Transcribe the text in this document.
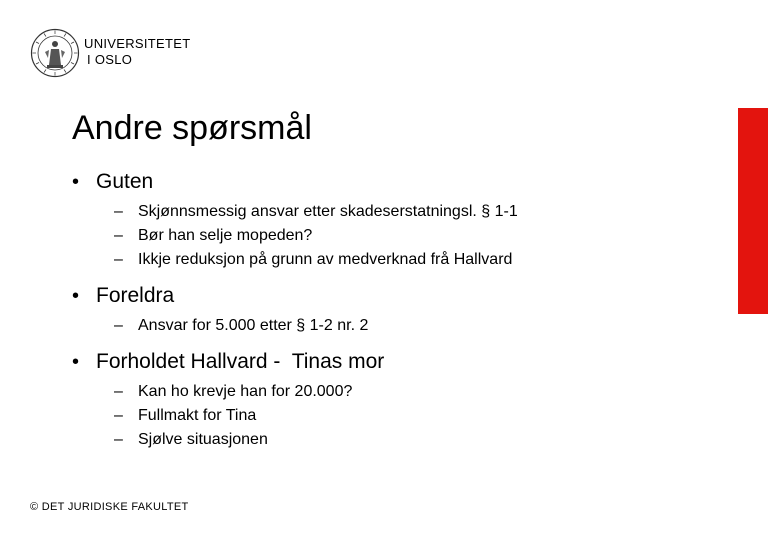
UNIVERSITETET
I OSLO
Andre spørsmål
• Guten
– Skjønnsmessig ansvar etter skadeserstatningsl. § 1-1
– Bør han selje mopeden?
– Ikkje reduksjon på grunn av medverknad frå Hallvard
• Foreldra
– Ansvar for 5.000 etter § 1-2 nr. 2
• Forholdet Hallvard -  Tinas mor
– Kan ho krevje han for 20.000?
– Fullmakt for Tina
– Sjølve situasjonen
© DET JURIDISKE FAKULTET
